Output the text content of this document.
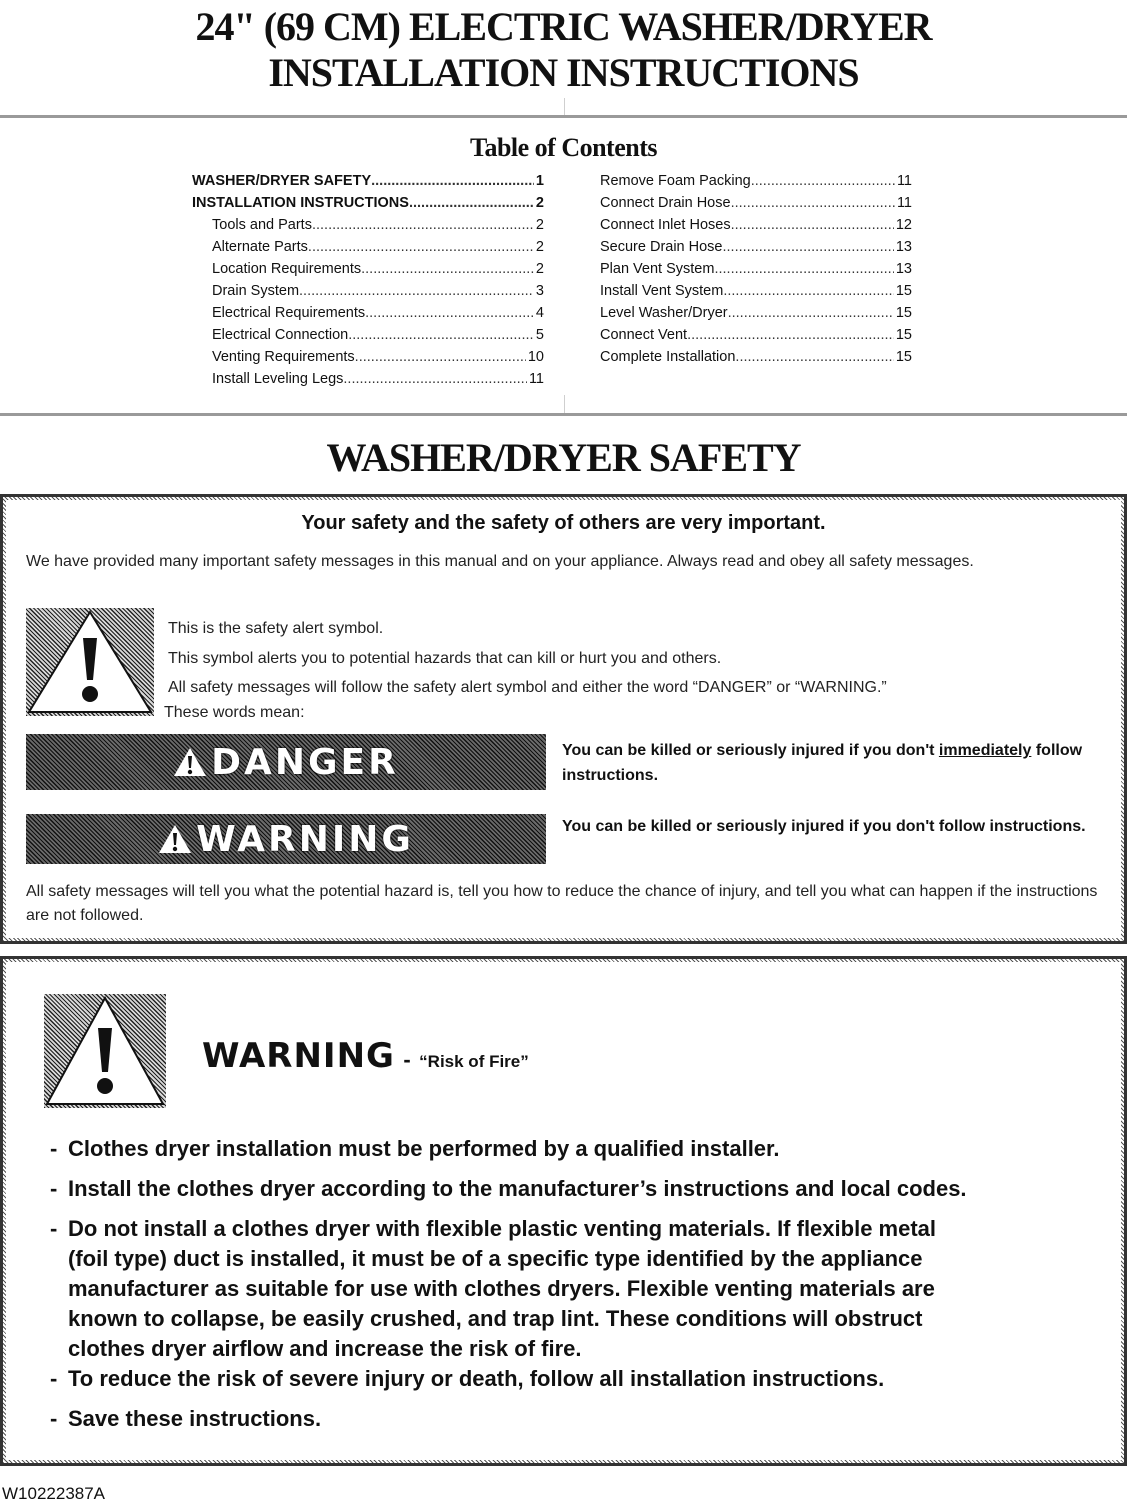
24" (69 CM) ELECTRIC WASHER/DRYER
INSTALLATION INSTRUCTIONS
Table of Contents
WASHER/DRYER SAFETY .....	1
INSTALLATION INSTRUCTIONS .....	2
Tools and Parts .....	2
Alternate Parts .....	2
Location Requirements .....	2
Drain System .....	3
Electrical Requirements .....	4
Electrical Connection .....	5
Venting Requirements .....	10
Install Leveling Legs .....	11
Remove Foam Packing .....	11
Connect Drain Hose .....	11
Connect Inlet Hoses .....	12
Secure Drain Hose .....	13
Plan Vent System .....	13
Install Vent System .....	15
Level Washer/Dryer .....	15
Connect Vent .....	15
Complete Installation .....	15
WASHER/DRYER SAFETY
Your safety and the safety of others are very important.
We have provided many important safety messages in this manual and on your appliance. Always read and obey all safety messages.
This is the safety alert symbol.
This symbol alerts you to potential hazards that can kill or hurt you and others.
All safety messages will follow the safety alert symbol and either the word “DANGER” or “WARNING.”
These words mean:
DANGER	You can be killed or seriously injured if you don't immediately follow instructions.
WARNING	You can be killed or seriously injured if you don't follow instructions.
All safety messages will tell you what the potential hazard is, tell you how to reduce the chance of injury, and tell you what can happen if the instructions are not followed.
WARNING - “Risk of Fire”
- Clothes dryer installation must be performed by a qualified installer.
- Install the clothes dryer according to the manufacturer’s instructions and local codes.
- Do not install a clothes dryer with flexible plastic venting materials. If flexible metal
(foil type) duct is installed, it must be of a specific type identified by the appliance
manufacturer as suitable for use with clothes dryers. Flexible venting materials are
known to collapse, be easily crushed, and trap lint. These conditions will obstruct
clothes dryer airflow and increase the risk of fire.
- To reduce the risk of severe injury or death, follow all installation instructions.
- Save these instructions.
W10222387A
